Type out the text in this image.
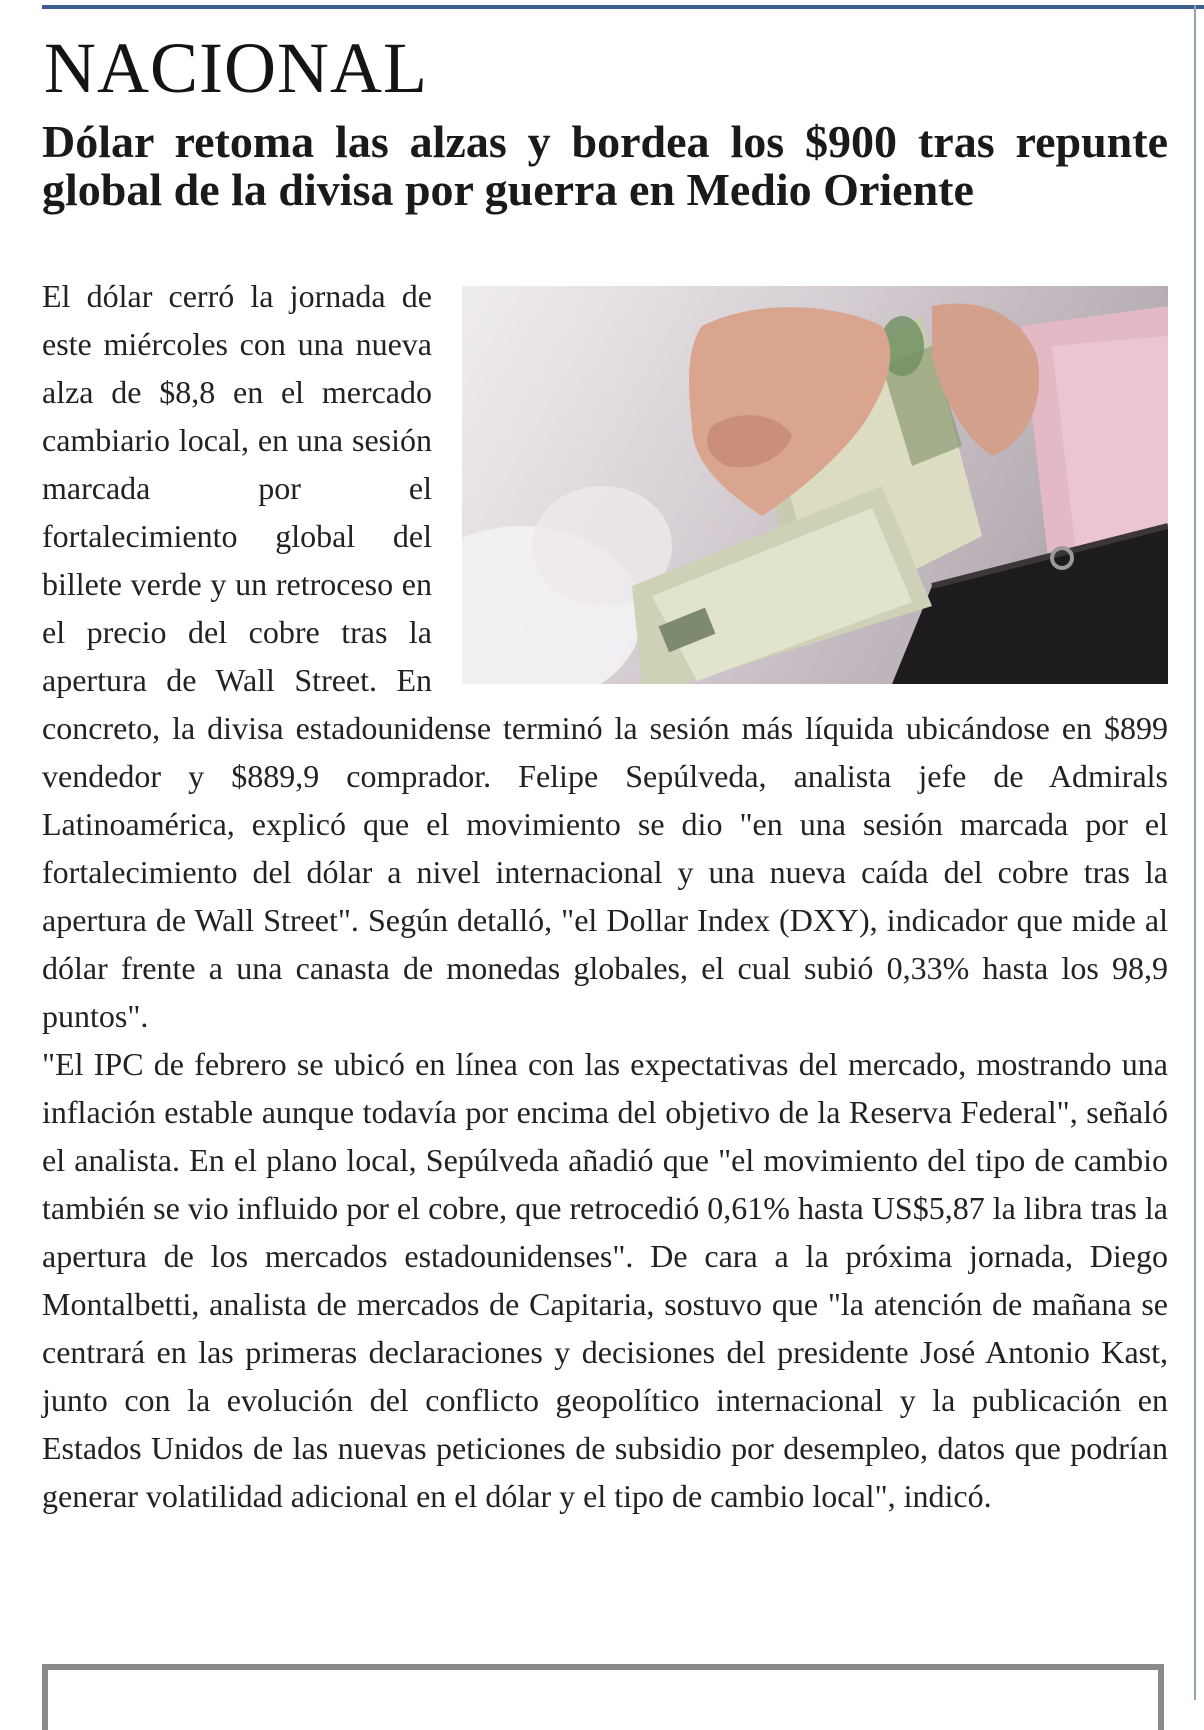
NACIONAL
Dólar retoma las alzas y bordea los $900 tras repunte global de la divisa por guerra en Medio Oriente

El dólar cerró la jornada de este miércoles con una nueva alza de $8,8 en el mercado cambiario local, en una sesión marcada por el fortalecimiento global del billete verde y un retroceso en el precio del cobre tras la apertura de Wall Street. En concreto, la divisa estadounidense terminó la sesión más líquida ubicándose en $899 vendedor y $889,9 comprador. Felipe Sepúlveda, analista jefe de Admirals Latinoamérica, explicó que el movimiento se dio "en una sesión marcada por el fortalecimiento del dólar a nivel internacional y una nueva caída del cobre tras la apertura de Wall Street". Según detalló, "el Dollar Index (DXY), indicador que mide al dólar frente a una canasta de monedas globales, el cual subió 0,33% hasta los 98,9 puntos".

"El IPC de febrero se ubicó en línea con las expectativas del mercado, mostrando una inflación estable aunque todavía por encima del objetivo de la Reserva Federal", señaló el analista. En el plano local, Sepúlveda añadió que "el movimiento del tipo de cambio también se vio influido por el cobre, que retrocedió 0,61% hasta US$5,87 la libra tras la apertura de los mercados estadounidenses". De cara a la próxima jornada, Diego Montalbetti, analista de mercados de Capitaria, sostuvo que "la atención de mañana se centrará en las primeras declaraciones y decisiones del presidente José Antonio Kast, junto con la evolución del conflicto geopolítico internacional y la publicación en Estados Unidos de las nuevas peticiones de subsidio por desempleo, datos que podrían generar volatilidad adicional en el dólar y el tipo de cambio local", indicó.
